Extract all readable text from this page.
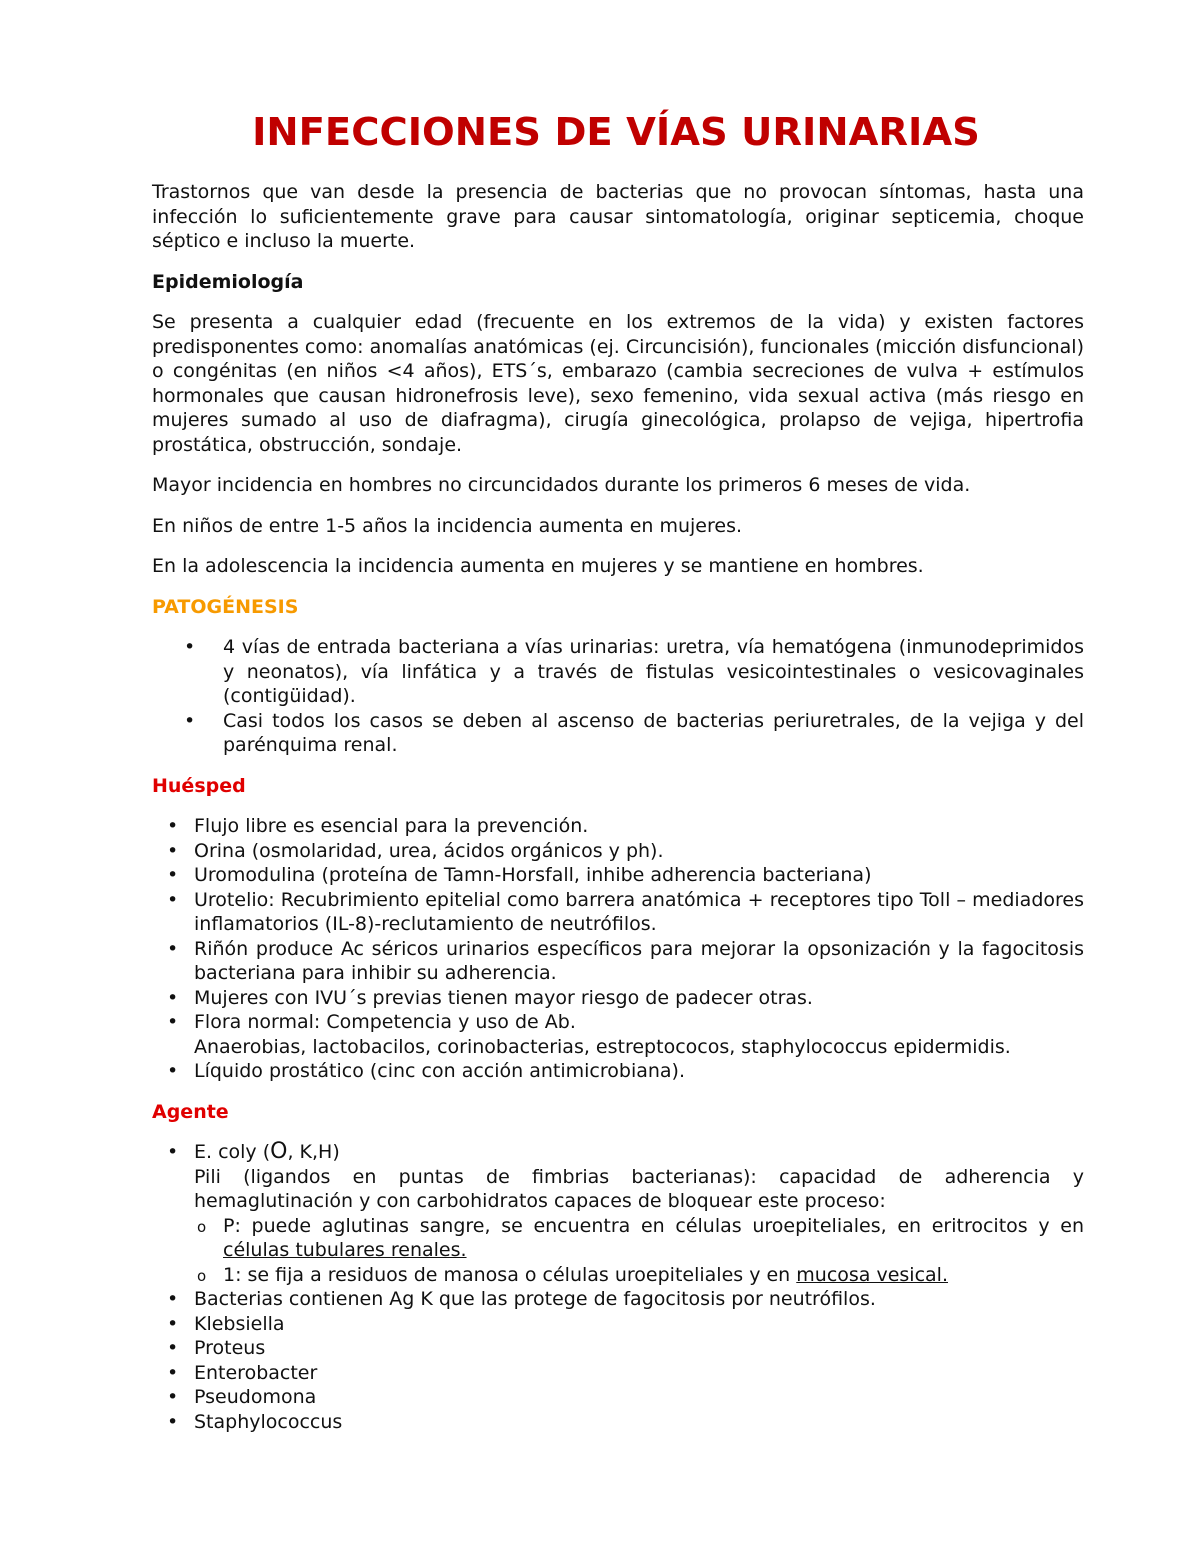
INFECCIONES DE VÍAS URINARIAS

Trastornos que van desde la presencia de bacterias que no provocan síntomas, hasta una infección lo suficientemente grave para causar sintomatología, originar septicemia, choque séptico e incluso la muerte.

Epidemiología

Se presenta a cualquier edad (frecuente en los extremos de la vida) y existen factores predisponentes como: anomalías anatómicas (ej. Circuncisión), funcionales (micción disfuncional) o congénitas (en niños <4 años), ETS´s, embarazo (cambia secreciones de vulva + estímulos hormonales que causan hidronefrosis leve), sexo femenino, vida sexual activa (más riesgo en mujeres sumado al uso de diafragma), cirugía ginecológica, prolapso de vejiga, hipertrofia prostática, obstrucción, sondaje.

Mayor incidencia en hombres no circuncidados durante los primeros 6 meses de vida.

En niños de entre 1-5 años la incidencia aumenta en mujeres.

En la adolescencia la incidencia aumenta en mujeres y se mantiene en hombres.

PATOGÉNESIS

• 4 vías de entrada bacteriana a vías urinarias: uretra, vía hematógena (inmunodeprimidos y neonatos), vía linfática y a través de fistulas vesicointestinales o vesicovaginales (contigüidad).
• Casi todos los casos se deben al ascenso de bacterias periuretrales, de la vejiga y del parénquima renal.

Huésped

• Flujo libre es esencial para la prevención.
• Orina (osmolaridad, urea, ácidos orgánicos y ph).
• Uromodulina (proteína de Tamn-Horsfall, inhibe adherencia bacteriana)
• Urotelio: Recubrimiento epitelial como barrera anatómica + receptores tipo Toll – mediadores inflamatorios (IL-8)-reclutamiento de neutrófilos.
• Riñón produce Ac séricos urinarios específicos para mejorar la opsonización y la fagocitosis bacteriana para inhibir su adherencia.
• Mujeres con IVU´s previas tienen mayor riesgo de padecer otras.
• Flora normal: Competencia y uso de Ab.
Anaerobias, lactobacilos, corinobacterias, estreptococos, staphylococcus epidermidis.
• Líquido prostático (cinc con acción antimicrobiana).

Agente

• E. coly (O, K,H)
Pili (ligandos en puntas de fimbrias bacterianas): capacidad de adherencia y hemaglutinación y con carbohidratos capaces de bloquear este proceso:
o P: puede aglutinas sangre, se encuentra en células uroepiteliales, en eritrocitos y en células tubulares renales.
o 1: se fija a residuos de manosa o células uroepiteliales y en mucosa vesical.
• Bacterias contienen Ag K que las protege de fagocitosis por neutrófilos.
• Klebsiella
• Proteus
• Enterobacter
• Pseudomona
• Staphylococcus
